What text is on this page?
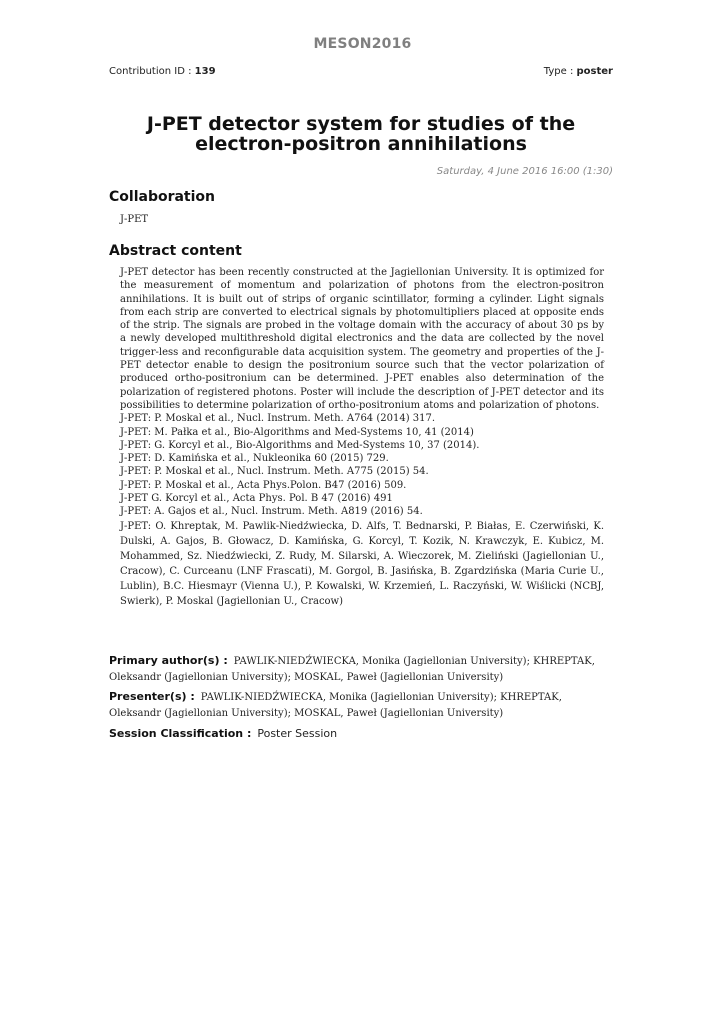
MESON2016
Contribution ID : 139	Type : poster
J-PET detector system for studies of the electron-positron annihilations
Saturday, 4 June 2016 16:00 (1:30)
Collaboration
J-PET
Abstract content

J-PET detector has been recently constructed at the Jagiellonian University. It is optimized for the measurement of momentum and polarization of photons from the electron-positron annihilations. It is built out of strips of organic scintillator, forming a cylinder. Light signals from each strip are converted to electrical signals by photomultipliers placed at opposite ends of the strip. The signals are probed in the voltage domain with the accuracy of about 30 ps by a newly developed multithreshold digital electronics and the data are collected by the novel trigger-less and reconfigurable data acquisition system. The geometry and properties of the J-PET detector enable to design the positronium source such that the vector polarization of produced ortho-positronium can be determined. J-PET enables also determination of the polarization of registered photons. Poster will include the description of J-PET detector and its possibilities to determine polarization of ortho-positronium atoms and polarization of photons.

J-PET: P. Moskal et al., Nucl. Instrum. Meth. A764 (2014) 317.
J-PET: M. Pałka et al., Bio-Algorithms and Med-Systems 10, 41 (2014)
J-PET: G. Korcyl et al., Bio-Algorithms and Med-Systems 10, 37 (2014).
J-PET: D. Kamińska et al., Nukleonika 60 (2015) 729.
J-PET: P. Moskal et al., Nucl. Instrum. Meth. A775 (2015) 54.
J-PET: P. Moskal et al., Acta Phys.Polon. B47 (2016) 509.
J-PET G. Korcyl et al., Acta Phys. Pol. B 47 (2016) 491
J-PET: A. Gajos et al., Nucl. Instrum. Meth. A819 (2016) 54.

J-PET: O. Khreptak, M. Pawlik-Niedźwiecka, D. Alfs, T. Bednarski, P. Białas, E. Czerwiński, K. Dulski, A. Gajos, B. Głowacz, D. Kamińska, G. Korcyl, T. Kozik, N. Krawczyk, E. Kubicz, M. Mohammed, Sz. Niedźwiecki, Z. Rudy, M. Silarski, A. Wieczorek, M. Zieliński (Jagiellonian U., Cracow), C. Curceanu (LNF Frascati), M. Gorgol, B. Jasińska, B. Zgardzińska (Maria Curie U., Lublin), B.C. Hiesmayr (Vienna U.), P. Kowalski, W. Krzemień, L. Raczyński, W. Wiślicki (NCBJ, Swierk), P. Moskal (Jagiellonian U., Cracow)

Primary author(s) : PAWLIK-NIEDŹWIECKA, Monika (Jagiellonian University); KHREPTAK, Oleksandr (Jagiellonian University); MOSKAL, Paweł (Jagiellonian University)
Presenter(s) : PAWLIK-NIEDŹWIECKA, Monika (Jagiellonian University); KHREPTAK, Oleksandr (Jagiellonian University); MOSKAL, Paweł (Jagiellonian University)
Session Classification : Poster Session
